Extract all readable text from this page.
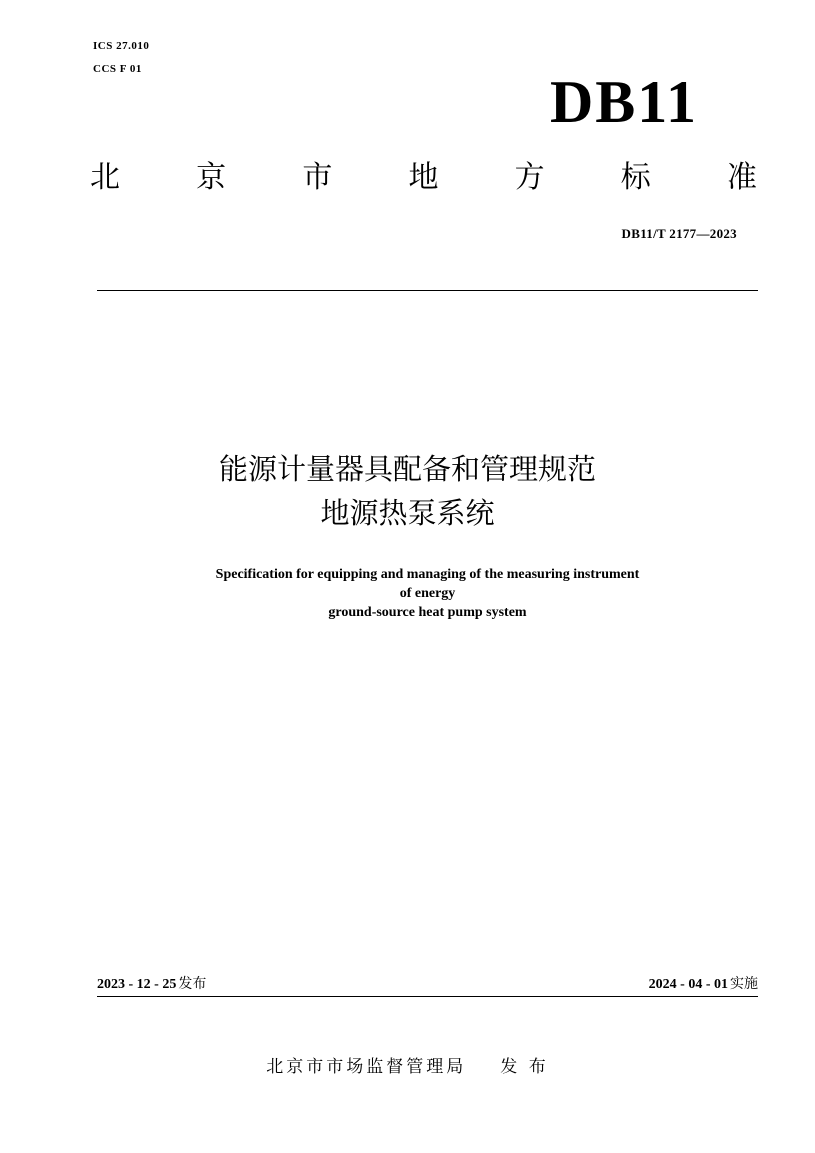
ICS 27.010
CCS F 01	DB11
北	京	市	地	方	标	准
DB11/T 2177—2023
能源计量器具配备和管理规范
地源热泵系统
Specification for equipping and managing of the measuring instrument
of energy
ground-source heat pump system
2023 - 12 - 25 发布	2024 - 04 - 01 实施
北京市市场监督管理局 发 布
